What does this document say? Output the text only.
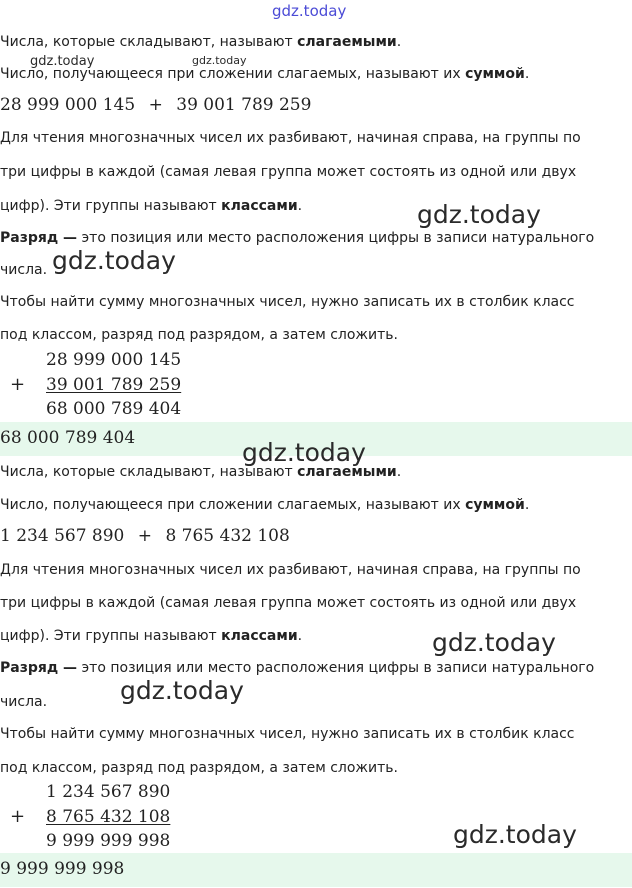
gdz.today
Числа, которые складывают, называют слагаемыми.
Число, получающееся при сложении слагаемых, называют их суммой.
28 999 000 145 + 39 001 789 259
Для чтения многозначных чисел их разбивают, начиная справа, на группы по
три цифры в каждой (самая левая группа может состоять из одной или двух
цифр). Эти группы называют классами.
Разряд — это позиция или место расположения цифры в записи натурального
числа.
Чтобы найти сумму многозначных чисел, нужно записать их в столбик класс
под классом, разряд под разрядом, а затем сложить.
28 999 000 145
+ 39 001 789 259
68 000 789 404
68 000 789 404
Числа, которые складывают, называют слагаемыми.
Число, получающееся при сложении слагаемых, называют их суммой.
1 234 567 890 + 8 765 432 108
Для чтения многозначных чисел их разбивают, начиная справа, на группы по
три цифры в каждой (самая левая группа может состоять из одной или двух
цифр). Эти группы называют классами.
Разряд — это позиция или место расположения цифры в записи натурального
числа.
Чтобы найти сумму многозначных чисел, нужно записать их в столбик класс
под классом, разряд под разрядом, а затем сложить.
1 234 567 890
+ 8 765 432 108
9 999 999 998
9 999 999 998
gdz.today	gdz.today
gdz.today
gdz.today
gdz.today
gdz.today
gdz.today
gdz.today
